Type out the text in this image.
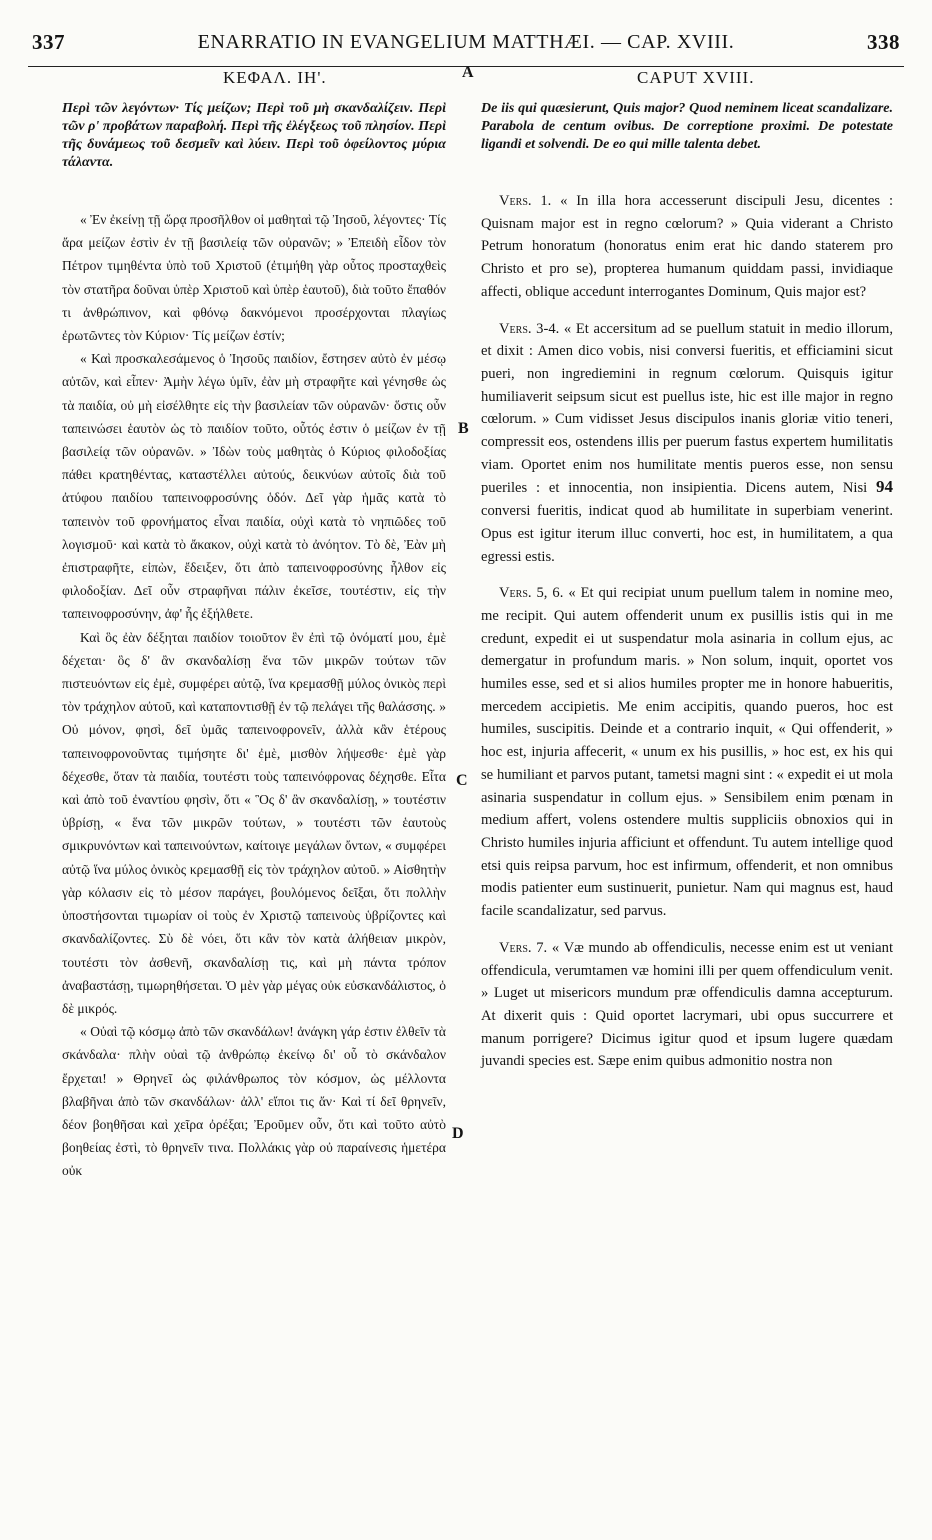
337	ENARRATIO IN EVANGELIUM MATTHÆI. — CAP. XVIII.	338
ΚΕΦΑΛ. ΙΗ'.	CAPUT XVIII.
A
Περὶ τῶν λεγόντων· Τίς μείζων; Περὶ τοῦ μὴ σκανδαλίζειν. Περὶ τῶν ρ' προβάτων παραβολή. Περὶ τῆς ἐλέγξεως τοῦ πλησίον. Περὶ τῆς δυνάμεως τοῦ δεσμεῖν καὶ λύειν. Περὶ τοῦ ὀφείλοντος μύρια τάλαντα.

« Ἐν ἐκείνῃ τῇ ὥρᾳ προσῆλθον οἱ μαθηταὶ τῷ Ἰησοῦ, λέγοντες· Τίς ἄρα μείζων ἐστὶν ἐν τῇ βασιλείᾳ τῶν οὐρανῶν; » Ἐπειδὴ εἶδον τὸν Πέτρον τιμηθέντα ὑπὸ τοῦ Χριστοῦ (ἐτιμήθη γὰρ οὗτος προσταχθεὶς τὸν στατῆρα δοῦναι ὑπὲρ Χριστοῦ καὶ ὑπὲρ ἑαυτοῦ), διὰ τοῦτο ἔπαθόν τι ἀνθρώπινον, καὶ φθόνῳ δακνόμενοι προσέρχονται πλαγίως ἐρωτῶντες τὸν Κύριον· Τίς μείζων ἐστίν;

« Καὶ προσκαλεσάμενος ὁ Ἰησοῦς παιδίον, ἔστησεν αὐτὸ ἐν μέσῳ αὐτῶν, καὶ εἶπεν· Ἀμὴν λέγω ὑμῖν, ἐὰν μὴ στραφῆτε καὶ γένησθε ὡς τὰ παιδία, οὐ μὴ εἰσέλθητε εἰς τὴν βασιλείαν τῶν οὐρανῶν· ὅστις οὖν ταπεινώσει ἑαυτὸν ὡς τὸ παιδίον τοῦτο, οὗτός ἐστιν ὁ μείζων ἐν τῇ βασιλείᾳ τῶν οὐρανῶν. » Ἰδὼν τοὺς μαθητὰς ὁ Κύριος φιλοδοξίας πάθει κρατηθέντας, καταστέλλει αὐτούς, δεικνύων αὐτοῖς διὰ τοῦ ἀτύφου παιδίου ταπεινοφροσύνης ὁδόν. Δεῖ γὰρ ἡμᾶς κατὰ τὸ ταπεινὸν τοῦ φρονήματος εἶναι παιδία, οὐχὶ κατὰ τὸ νηπιῶδες τοῦ λογισμοῦ· καὶ κατὰ τὸ ἄκακον, οὐχὶ κατὰ τὸ ἀνόητον. Τὸ δὲ, Ἐὰν μὴ ἐπιστραφῆτε, εἰπὼν, ἔδειξεν, ὅτι ἀπὸ ταπεινοφροσύνης ἦλθον εἰς φιλοδοξίαν. Δεῖ οὖν στραφῆναι πάλιν ἐκεῖσε, τουτέστιν, εἰς τὴν ταπεινοφροσύνην, ἀφ' ἧς ἐξήλθετε.

Καὶ ὃς ἐὰν δέξηται παιδίον τοιοῦτον ἓν ἐπὶ τῷ ὀνόματί μου, ἐμὲ δέχεται· ὃς δ' ἂν σκανδαλίσῃ ἕνα τῶν μικρῶν τούτων τῶν πιστευόντων εἰς ἐμὲ, συμφέρει αὐτῷ, ἵνα κρεμασθῇ μύλος ὀνικὸς περὶ τὸν τράχηλον αὐτοῦ, καὶ καταποντισθῇ ἐν τῷ πελάγει τῆς θαλάσσης. » Οὐ μόνον, φησὶ, δεῖ ὑμᾶς ταπεινοφρονεῖν, ἀλλὰ κἂν ἑτέρους ταπεινοφρονοῦντας τιμήσητε δι' ἐμὲ, μισθὸν λήψεσθε· ἐμὲ γὰρ δέχεσθε, ὅταν τὰ παιδία, τουτέστι τοὺς ταπεινόφρονας δέχησθε. Εἶτα καὶ ἀπὸ τοῦ ἐναντίου φησὶν, ὅτι « Ὃς δ' ἂν σκανδαλίσῃ, » τουτέστιν ὑβρίσῃ, « ἕνα τῶν μικρῶν τούτων, » τουτέστι τῶν ἑαυτοὺς σμικρυνόντων καὶ ταπεινούντων, καίτοιγε μεγάλων ὄντων, « συμφέρει αὐτῷ ἵνα μύλος ὀνικὸς κρεμασθῇ εἰς τὸν τράχηλον αὐτοῦ. » Αἰσθητὴν γὰρ κόλασιν εἰς τὸ μέσον παράγει, βουλόμενος δεῖξαι, ὅτι πολλὴν ὑποστήσονται τιμωρίαν οἱ τοὺς ἐν Χριστῷ ταπεινοὺς ὑβρίζοντες καὶ σκανδαλίζοντες. Σὺ δὲ νόει, ὅτι κἂν τὸν κατὰ ἀλήθειαν μικρὸν, τουτέστι τὸν ἀσθενῆ, σκανδαλίσῃ τις, καὶ μὴ πάντα τρόπον ἀναβαστάσῃ, τιμωρηθήσεται. Ὁ μὲν γὰρ μέγας οὐκ εὐσκανδάλιστος, ὁ δὲ μικρός.

« Οὐαὶ τῷ κόσμῳ ἀπὸ τῶν σκανδάλων! ἀνάγκη γάρ ἐστιν ἐλθεῖν τὰ σκάνδαλα· πλὴν οὐαὶ τῷ ἀνθρώπῳ ἐκείνῳ δι' οὗ τὸ σκάνδαλον ἔρχεται! » Θρηνεῖ ὡς φιλάνθρωπος τὸν κόσμον, ὡς μέλλοντα βλαβῆναι ἀπὸ τῶν σκανδάλων· ἀλλ' εἴποι τις ἄν· Καὶ τί δεῖ θρηνεῖν, δέον βοηθῆσαι καὶ χεῖρα ὀρέξαι; Ἐροῦμεν οὖν, ὅτι καὶ τοῦτο αὐτὸ βοηθείας ἐστὶ, τὸ θρηνεῖν τινα. Πολλάκις γὰρ οὐ παραίνεσις ἡμετέρα οὐκ

B
C
D
De iis qui quæsierunt, Quis major? Quod neminem liceat scandalizare. Parabola de centum ovibus. De correptione proximi. De potestate ligandi et solvendi. De eo qui mille talenta debet.

Vers. 1. « In illa hora accesserunt discipuli Jesu, dicentes : Quisnam major est in regno cœlorum? » Quia viderant a Christo Petrum honoratum (honoratus enim erat hic dando staterem pro Christo et pro se), propterea humanum quiddam passi, invidiaque affecti, oblique accedunt interrogantes Dominum, Quis major est?

Vers. 3-4. « Et accersitum ad se puellum statuit in medio illorum, et dixit : Amen dico vobis, nisi conversi fueritis, et efficiamini sicut pueri, non ingrediemini in regnum cœlorum. Quisquis igitur humiliaverit seipsum sicut est puellus iste, hic est ille major in regno cœlorum. » Cum vidisset Jesus discipulos inanis gloriæ vitio teneri, compressit eos, ostendens illis per puerum fastus expertem humilitatis viam. Oportet enim nos humilitate mentis pueros esse, non sensu pueriles : et innocentia, non insipientia. Dicens autem, Nisi 94 conversi fueritis, indicat quod ab humilitate in superbiam venerint. Opus est igitur iterum illuc converti, hoc est, in humilitatem, a qua egressi estis.

Vers. 5, 6. « Et qui recipiat unum puellum talem in nomine meo, me recipit. Qui autem offenderit unum ex pusillis istis qui in me credunt, expedit ei ut suspendatur mola asinaria in collum ejus, ac demergatur in profundum maris. » Non solum, inquit, oportet vos humiles esse, sed et si alios humiles propter me in honore habueritis, mercedem accipietis. Me enim accipitis, quando pueros, hoc est humiles, suscipitis. Deinde et a contrario inquit, « Qui offenderit, » hoc est, injuria affecerit, « unum ex his pusillis, » hoc est, ex his qui se humiliant et parvos putant, tametsi magni sint : « expedit ei ut mola asinaria suspendatur in collum ejus. » Sensibilem enim pœnam in medium affert, volens ostendere multis suppliciis obnoxios qui in Christo humiles injuria afficiunt et offendunt. Tu autem intellige quod etsi quis reipsa parvum, hoc est infirmum, offenderit, et non omnibus modis patienter eum sustinuerit, punietur. Nam qui magnus est, haud facile scandalizatur, sed parvus.

Vers. 7. « Væ mundo ab offendiculis, necesse enim est ut veniant offendicula, verumtamen væ homini illi per quem offendiculum venit. » Luget ut misericors mundum præ offendiculis damna accepturum. At dixerit quis : Quid oportet lacrymari, ubi opus succurrere et manum porrigere? Dicimus igitur quod et ipsum lugere quædam juvandi species est. Sæpe enim quibus admonitio nostra non
